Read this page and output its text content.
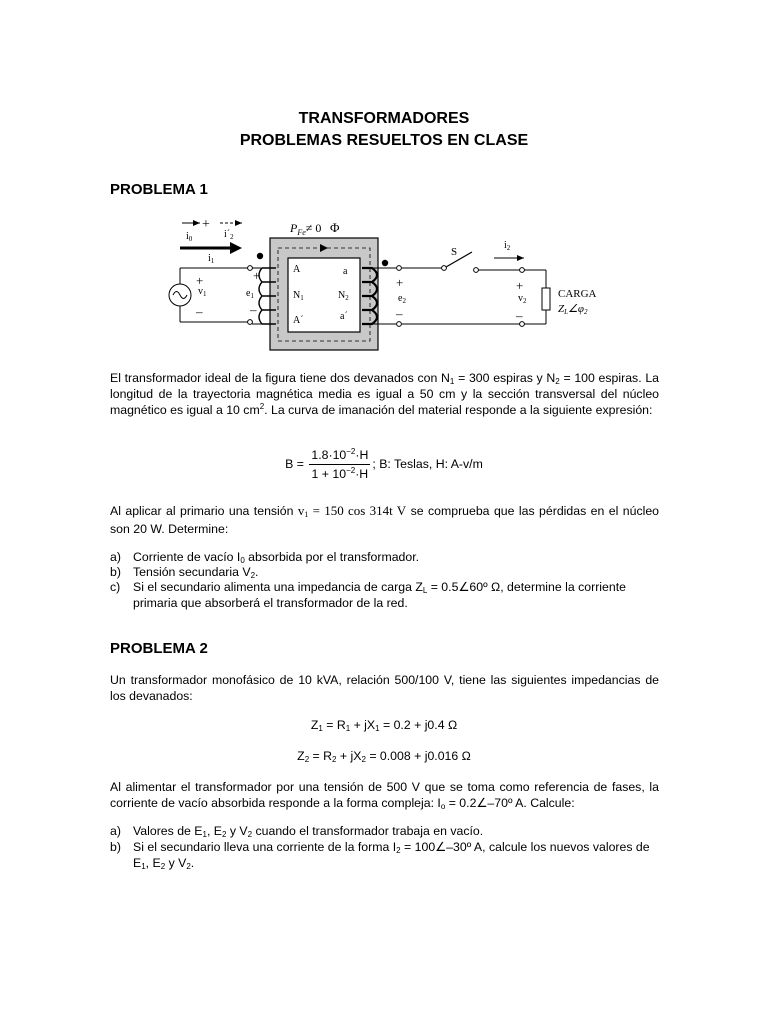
TRANSFORMADORES
PROBLEMAS RESUELTOS EN CLASE
PROBLEMA 1
+
$i_0$	$i´_2$
$i_1$
$P_{Fe}\ne 0$ Φ
A
$N_1$
A´
a
$N_2$
a´
+
$v_1$
–
+
$e_1$
–
+
$e_2$
–
S
$i_2$
+
$v_2$
–
CARGA
ZL∠φ2
El transformador ideal de la figura tiene dos devanados con $N_1 = 300$ espiras y $N_2 = 100$ espiras. La longitud de la trayectoria magnética media es igual a 50 cm y la sección transversal del núcleo magnético es igual a 10 $cm^2$. La curva de imanación del material responde a la siguiente expresión:
$B = \frac{1.8\cdot 10^{-2}\cdot H}{1 + 10^{-2}\cdot H}$ ; B: Teslas, H: A-v/m
Al aplicar al primario una tensión $v_1 = 150$ cos 314t V se comprueba que las pérdidas en el núcleo son 20 W. Determine:
a) Corriente de vacío $I_0$ absorbida por el transformador.
b) Tensión secundaria $V_2$.
c) Si el secundario alimenta una impedancia de carga $Z_L$ = 0.5∠60º Ω, determine la corriente primaria que absorberá el transformador de la red.
PROBLEMA 2
Un transformador monofásico de 10 kVA, relación 500/100 V, tiene las siguientes impedancias de los devanados:
$Z_1 = R_1 + jX_1 = 0.2 + j0.4$ Ω
$Z_2 = R_2 + jX_2 = 0.008 + j0.016$ Ω
Al alimentar el transformador por una tensión de 500 V que se toma como referencia de fases, la corriente de vacío absorbida responde a la forma compleja: $I_o$ = 0.2∠–70º A. Calcule:
a) Valores de $E_1$, $E_2$ y $V_2$ cuando el transformador trabaja en vacío.
b) Si el secundario lleva una corriente de la forma $I_2$ = 100∠–30º A, calcule los nuevos valores de $E_1$, $E_2$ y $V_2$.
